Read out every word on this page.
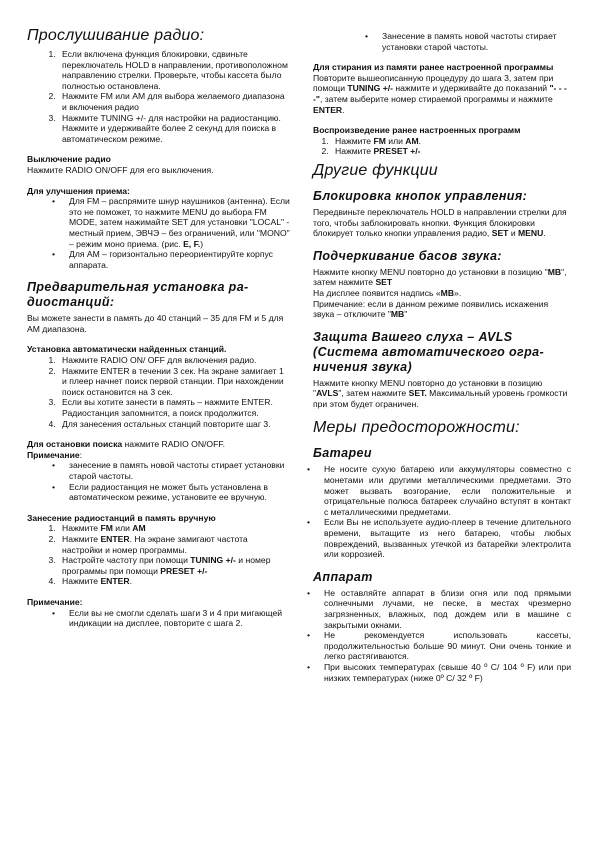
Прослушивание радио:
1. Если включена функция блокировки, сдвиньте переключатель HOLD в направлении, противоположном направлению стрелки. Проверьте, чтобы кассета было полностью остановлена.
2. Нажмите FM или AM для выбора желаемого диапазона и включения радио
3. Нажмите TUNING +/- для настройки на радиостанцию. Нажмите и удерживайте более 2 секунд для поиска в автоматическом режиме.
Выключение радио

Нажмите RADIO ON/OFF для его выключения.

Для улучшения приема:
• Для FM – распрямите шнур наушников (антенна). Если это не поможет, то нажмите MENU до выбора FM MODE, затем нажимайте SET для установки "LOCAL" - местный прием, ЭВЧЭ – без ограничений, или "MONO" – режим моно приема. (рис. E, F.)
• Для AM – горизонтально переориентируйте корпус аппарата.
Предварительная установка ра-
диостанций:

Вы можете занести в память до 40 станций – 35 для FM и 5 для AM диапазона.

Установка автоматически найденных станций.
1. Нажмите RADIO ON/ OFF для включения радио.
2. Нажмите ENTER в течении 3 сек. На экране замигает 1 и плеер начнет поиск первой станции. При нахождении поиск остановится на 3 сек.
3. Если вы хотите занести в память – нажмите ENTER. Радиостанция запомнится, а поиск продолжится.
4. Для занесения остальных станций повторите шаг 3.

Для остановки поиска нажмите RADIO ON/OFF.

Примечание:

• занесение в память новой частоты стирает установки старой частоты.
• Если радиостанция не может быть установлена в автоматическом режиме, установите ее вручную.
Занесение радиостанций в память вручную
1. Нажмите FM или AM
2. Нажмите ENTER. На экране замигают частота настройки и номер программы.
3. Настройте частоту при помощи TUNING +/- и номер программы при помощи PRESET +/-
4. Нажмите ENTER.
Примечание:
• Если вы не смогли сделать шаги 3 и 4 при мигающей индикации на дисплее, повторите с шага 2.
• Занесение в память новой частоты стирает установки старой частоты.
Для стирания из памяти ранее настроенной программы

Повторите вышеописанную процедуру до шага 3, затем при помощи TUNING +/- нажмите и удерживайте до показаний "- - - -", затем выберите номер стираемой программы и нажмите ENTER.

Воспроизведение ранее настроенных программ
1. Нажмите FM или AM.
2. Нажмите PRESET +/-
Другие функции
Блокировка кнопок управления:

Передвиньте переключатель HOLD в направлении стрелки для того, чтобы заблокировать кнопки. Функция блокировки блокирует только кнопки управления радио, SET и MENU.

Подчеркивание басов звука:

Нажмите кнопку MENU повторно до установки в позицию "MB", затем нажмите SET
На дисплее появится надпись «MB».
Примечание: если в данном режиме появились искажения звука – отключите "MB"

Защита Вашего слуха – AVLS
(Система автоматического огра-
ничения звука)

Нажмите кнопку MENU повторно до установки в позицию "AVLS", затем нажмите SET. Максимальный уровень громкости при этом будет ограничен.

Меры предосторожности:
Батареи
• Не носите сухую батарею или аккумуляторы совместно с монетами или другими металлическими предметами. Это может вызвать возгорание, если положительные и отрицательные полюса батареек случайно вступят в контакт с металлическими предметами.
• Если Вы не используете аудио-плеер в течение длительного времени, вытащите из него батарею, чтобы любых повреждений, вызванных утечкой из батарейки электролита или коррозией.
Аппарат
• Не оставляйте аппарат в близи огня или под прямыми солнечными лучами, не песке, в местах чрезмерно загрязненных, влажных, под дождем или в машине с закрытыми окнами.
• Не рекомендуется использовать кассеты, продолжительностью больше 90 минут. Они очень тонкие и легко растягиваются.
• При высоких температурах (свыше 40 º С/ 104 º F) или при низких температурах (ниже 0º С/ 32 º F)
